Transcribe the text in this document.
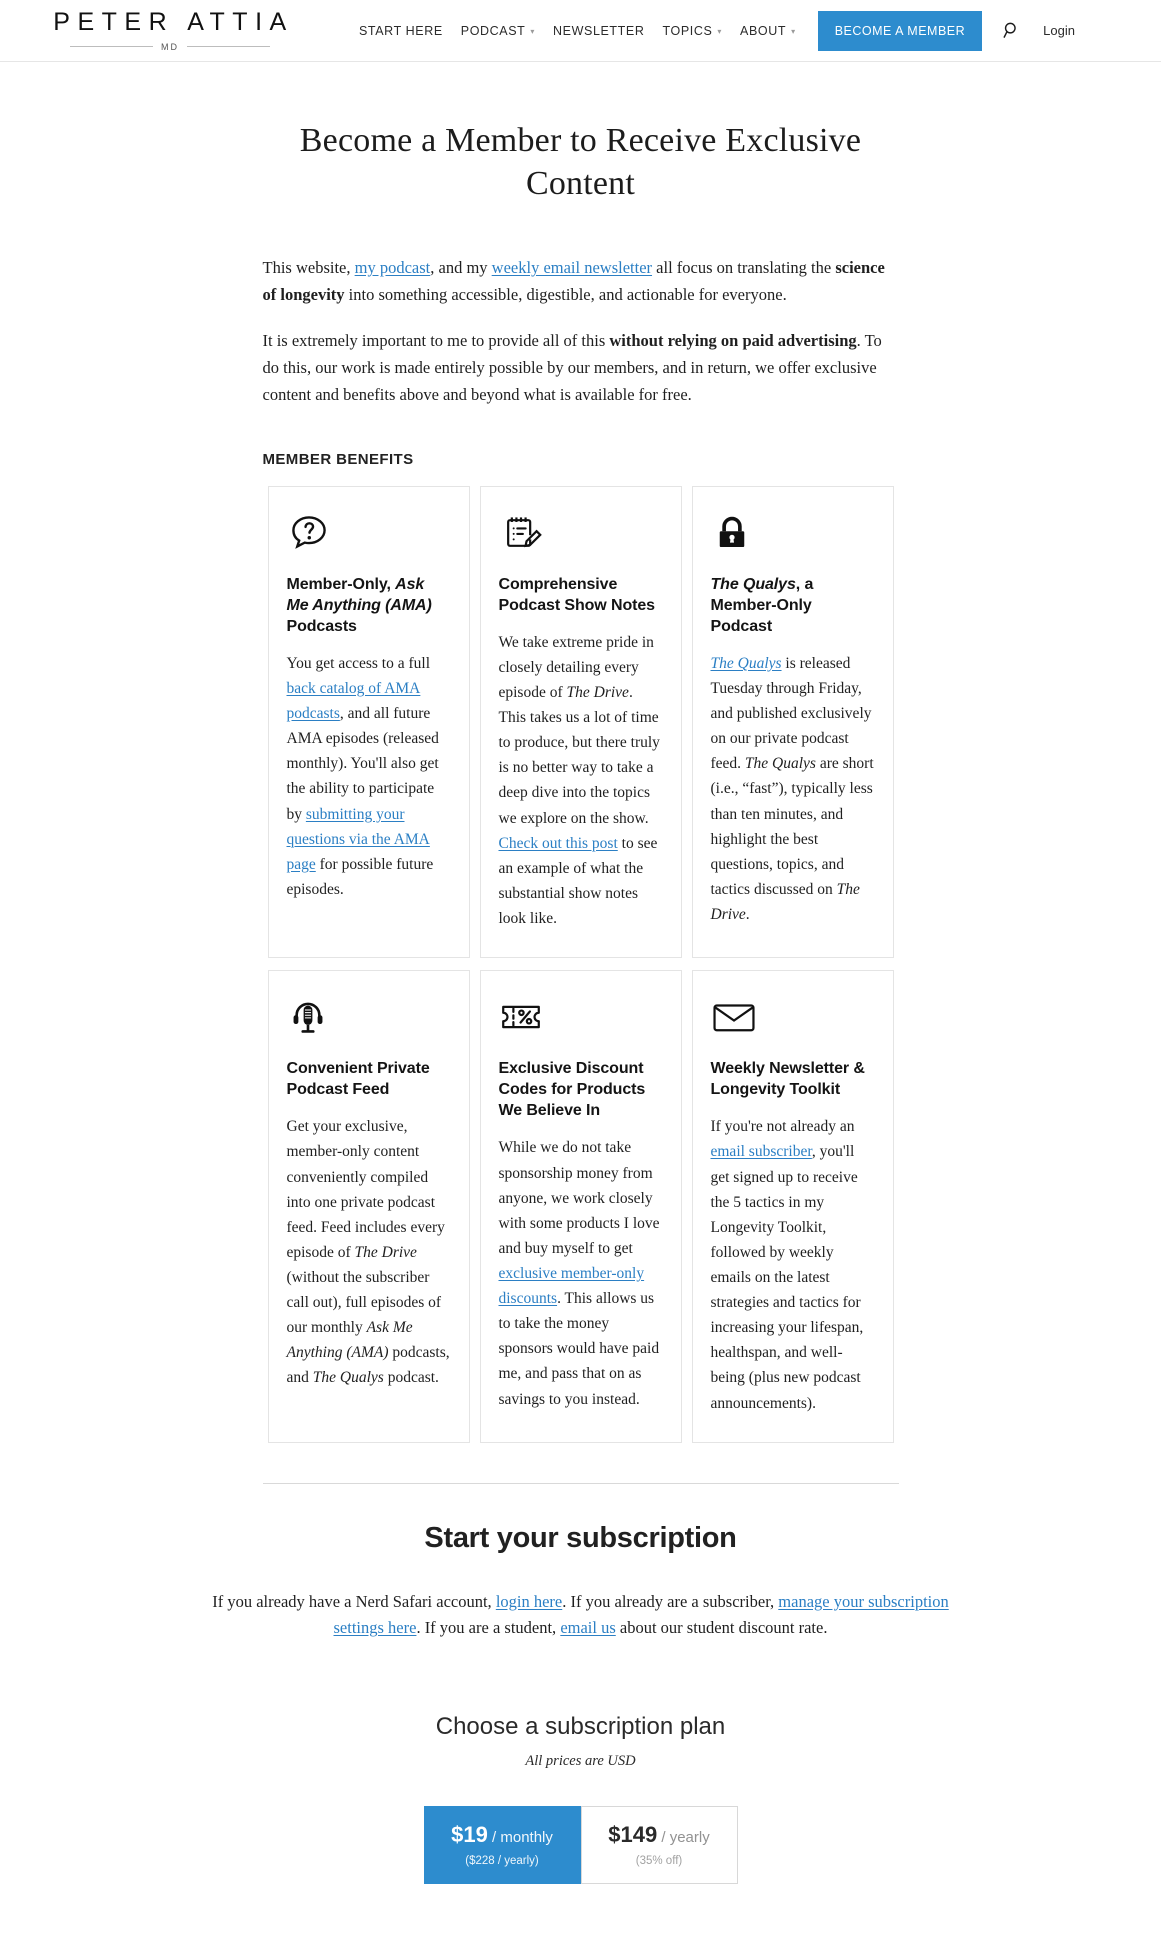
PETER ATTIA
MD
START HERE PODCAST ▾ NEWSLETTER TOPICS ▾ ABOUT ▾	BECOME A MEMBER	Login
Become a Member to Receive Exclusive Content

This website, my podcast, and my weekly email newsletter all focus on translating the science of longevity into something accessible, digestible, and actionable for everyone.

It is extremely important to me to provide all of this without relying on paid advertising. To do this, our work is made entirely possible by our members, and in return, we offer exclusive content and benefits above and beyond what is available for free.

MEMBER BENEFITS
Member-Only, Ask Me Anything (AMA) Podcasts
You get access to a full back catalog of AMA podcasts, and all future AMA episodes (released monthly). You'll also get the ability to participate by submitting your questions via the AMA page for possible future episodes.
Comprehensive Podcast Show Notes
We take extreme pride in closely detailing every episode of The Drive. This takes us a lot of time to produce, but there truly is no better way to take a deep dive into the topics we explore on the show. Check out this post to see an example of what the substantial show notes look like.
The Qualys, a Member-Only Podcast
The Qualys is released Tuesday through Friday, and published exclusively on our private podcast feed. The Qualys are short (i.e., “fast”), typically less than ten minutes, and highlight the best questions, topics, and tactics discussed on The Drive.
Convenient Private Podcast Feed
Get your exclusive, member-only content conveniently compiled into one private podcast feed. Feed includes every episode of The Drive (without the subscriber call out), full episodes of our monthly Ask Me Anything (AMA) podcasts, and The Qualys podcast.
Exclusive Discount Codes for Products We Believe In
While we do not take sponsorship money from anyone, we work closely with some products I love and buy myself to get exclusive member-only discounts. This allows us to take the money sponsors would have paid me, and pass that on as savings to you instead.
Weekly Newsletter & Longevity Toolkit
If you're not already an email subscriber, you'll get signed up to receive the 5 tactics in my Longevity Toolkit, followed by weekly emails on the latest strategies and tactics for increasing your lifespan, healthspan, and well-being (plus new podcast announcements).
Start your subscription

If you already have a Nerd Safari account, login here. If you already are a subscriber, manage your subscription settings here. If you are a student, email us about our student discount rate.

Choose a subscription plan
All prices are USD
$19 / monthly
($228 / yearly)
$149 / yearly
(35% off)
